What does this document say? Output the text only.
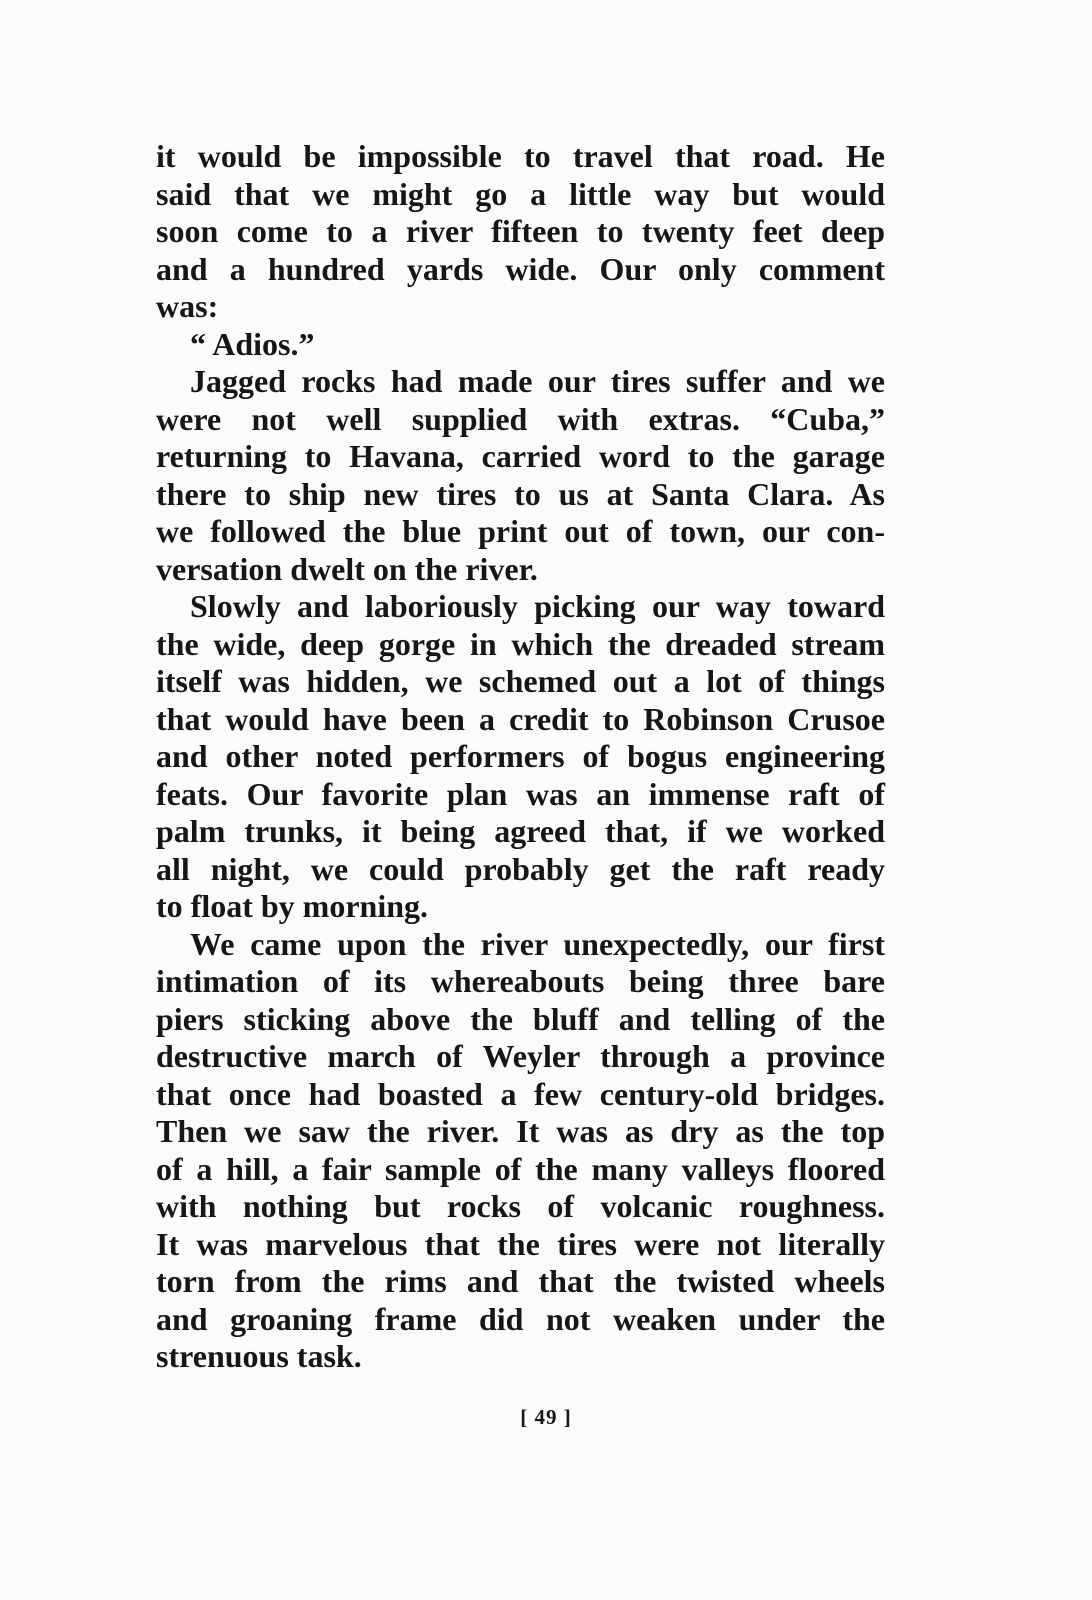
it would be impossible to travel that road. He
said that we might go a little way but would
soon come to a river fifteen to twenty feet deep
and a hundred yards wide. Our only comment
was:
“ Adios.”
Jagged rocks had made our tires suffer and we
were not well supplied with extras. “Cuba,”
returning to Havana, carried word to the garage
there to ship new tires to us at Santa Clara. As
we followed the blue print out of town, our con-
versation dwelt on the river.
Slowly and laboriously picking our way toward
the wide, deep gorge in which the dreaded stream
itself was hidden, we schemed out a lot of things
that would have been a credit to Robinson Crusoe
and other noted performers of bogus engineering
feats. Our favorite plan was an immense raft of
palm trunks, it being agreed that, if we worked
all night, we could probably get the raft ready
to float by morning.
We came upon the river unexpectedly, our first
intimation of its whereabouts being three bare
piers sticking above the bluff and telling of the
destructive march of Weyler through a province
that once had boasted a few century-old bridges.
Then we saw the river. It was as dry as the top
of a hill, a fair sample of the many valleys floored
with nothing but rocks of volcanic roughness.
It was marvelous that the tires were not literally
torn from the rims and that the twisted wheels
and groaning frame did not weaken under the
strenuous task.
[ 49 ]
